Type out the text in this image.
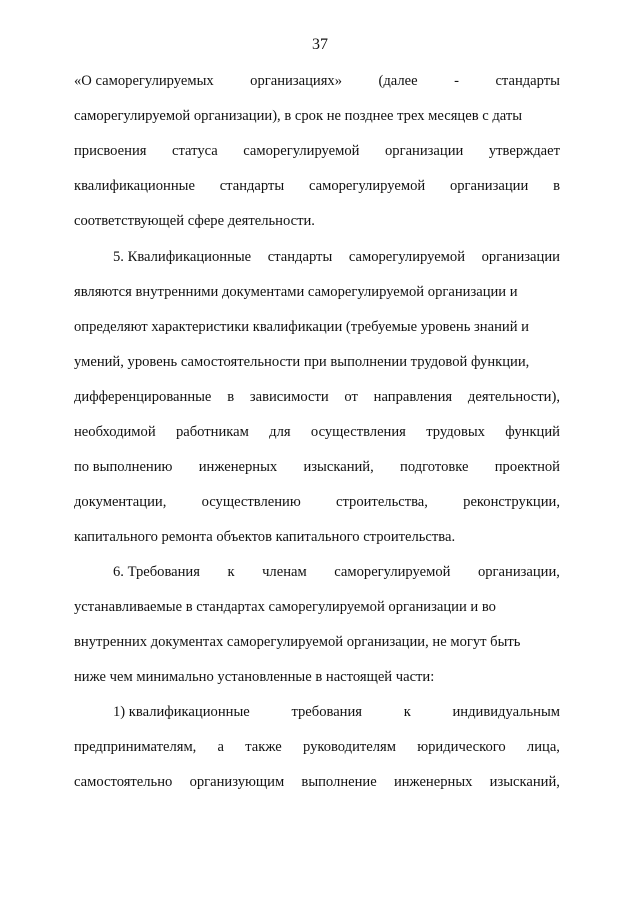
37
«О саморегулируемых организациях» (далее - стандарты
саморегулируемой организации), в срок не позднее трех месяцев с даты
присвоения статуса саморегулируемой организации утверждает
квалификационные стандарты саморегулируемой организации в
соответствующей сфере деятельности.
5. Квалификационные стандарты саморегулируемой организации
являются внутренними документами саморегулируемой организации и
определяют характеристики квалификации (требуемые уровень знаний и
умений, уровень самостоятельности при выполнении трудовой функции,
дифференцированные в зависимости от направления деятельности),
необходимой работникам для осуществления трудовых функций
по выполнению инженерных изысканий, подготовке проектной
документации, осуществлению строительства, реконструкции,
капитального ремонта объектов капитального строительства.
6. Требования к членам саморегулируемой организации,
устанавливаемые в стандартах саморегулируемой организации и во
внутренних документах саморегулируемой организации, не могут быть
ниже чем минимально установленные в настоящей части:
1) квалификационные	требования	к	индивидуальным
предпринимателям, а также руководителям юридического лица,
самостоятельно организующим выполнение инженерных изысканий,
